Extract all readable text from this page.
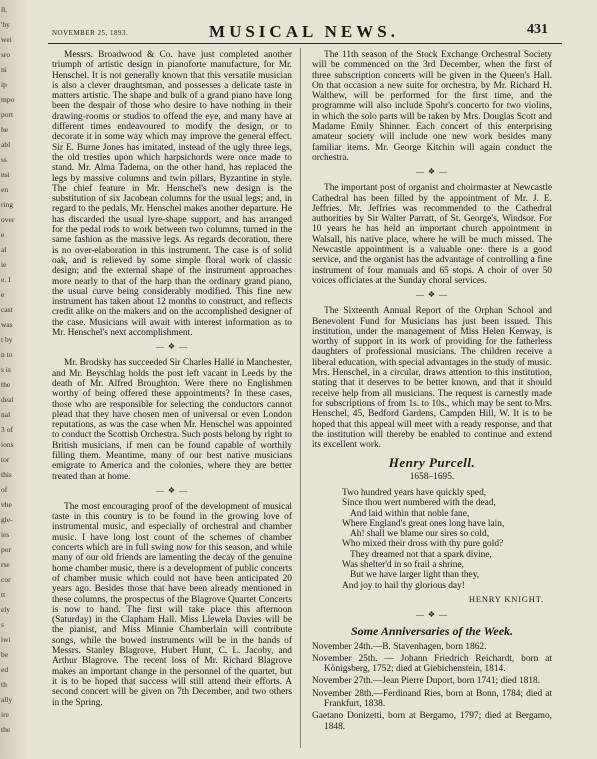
ll,
'hy
wei
sro
ni
ip
mpo
port
he
abl
ss
nsi
en
ring
over
e
al
ie
e. I
e
cast
was
t by
n to
s is
the
deal
nal
3 of
ions
tor
this
of
vhe
gle-
ies
por
rse
cor
tt
ely
s
iwi
be
ed
th
ally
ire
the
NOVEMBER 25, 1893.	MUSICAL NEWS.	431

Messrs. Broadwood & Co. have just completed another triumph of artistic design in pianoforte manufacture, for Mr. Henschel. It is not generally known that this versatile musician is also a clever draughtsman, and possesses a delicate taste in matters artistic. The shape and bulk of a grand piano have long been the despair of those who desire to have nothing in their drawing-rooms or studios to offend the eye, and many have at different times endeavoured to modify the design, or to decorate it in some way which may improve the general effect. Sir E. Burne Jones has imitated, instead of the ugly three legs, the old trestles upon which harpsichords were once made to stand. Mr. Alma Tadema, on the other hand, has replaced the legs by massive columns and twin pillars, Byzantine in style. The chief feature in Mr. Henschel's new design is the substitution of six Jacobean columns for the usual legs; and, in regard to the pedals, Mr. Henschel makes another departure. He has discarded the usual lyre-shape support, and has arranged for the pedal rods to work between two columns, turned in the same fashion as the massive legs. As regards decoration, there is no over-elaboration in this instrument. The case is of solid oak, and is relieved by some simple floral work of classic design; and the external shape of the instrument approaches more nearly to that of the harp than the ordinary grand piano, the usual curve being considerably modified. This fine new instrument has taken about 12 months to construct, and reflects credit alike on the makers and on the accomplished designer of the case. Musicians will await with interest information as to Mr. Henschel's next accomplishment.

— ❖ —

Mr. Brodsky has succeeded Sir Charles Hallé in Manchester, and Mr. Beyschlag holds the post left vacant in Leeds by the death of Mr. Alfred Broughton. Were there no Englishmen worthy of being offered these appointments? In these cases, those who are responsible for selecting the conductors cannot plead that they have chosen men of universal or even London reputations, as was the case when Mr. Henschel was appointed to conduct the Scottish Orchestra. Such posts belong by right to British musicians, if men can be found capable of worthily filling them. Meantime, many of our best native musicians emigrate to America and the colonies, where they are better treated than at home.

— ❖ —

The most encouraging proof of the development of musical taste in this country is to be found in the growing love of instrumental music, and especially of orchestral and chamber music. I have long lost count of the schemes of chamber concerts which are in full swing now for this season, and while many of our old friends are lamenting the decay of the genuine home chamber music, there is a development of public concerts of chamber music which could not have been anticipated 20 years ago. Besides those that have been already mentioned in these columns, the prospectus of the Blagrove Quartet Concerts is now to hand. The first will take place this afternoon (Saturday) in the Clapham Hall. Miss Llewela Davies will be the pianist, and Miss Minnie Chamberlain will contribute songs, while the bowed instruments will be in the hands of Messrs. Stanley Blagrove, Hubert Hunt, C. L. Jacoby, and Arthur Blagrove. The recent loss of Mr. Richard Blagrove makes an important change in the personnel of the quartet, but it is to be hoped that success will still attend their efforts. A second concert will be given on 7th December, and two others in the Spring.

The 11th season of the Stock Exchange Orchestral Society will be commenced on the 3rd December, when the first of three subscription concerts will be given in the Queen's Hall. On that occasion a new suite for orchestra, by Mr. Richard H. Walthew, will be performed for the first time, and the programme will also include Spohr's concerto for two violins, in which the solo parts will be taken by Mrs. Douglas Scott and Madame Emily Shinner. Each concert of this enterprising amateur society will include one new work besides many familiar items. Mr. George Kitchin will again conduct the orchestra.

— ❖ —

The important post of organist and choirmaster at Newcastle Cathedral has been filled by the appointment of Mr. J. E. Jeffries. Mr. Jeffries was recommended to the Cathedral authorities by Sir Walter Parratt, of St. George's, Windsor. For 10 years he has held an important church appointment in Walsall, his native place, where he will be much missed. The Newcastle appointment is a valuable one: there is a good service, and the organist has the advantage of controlling a fine instrument of four manuals and 65 stops. A choir of over 50 voices officiates at the Sunday choral services.

— ❖ —

The Sixteenth Annual Report of the Orphan School and Benevolent Fund for Musicians has just been issued. This institution, under the management of Miss Helen Kenway, is worthy of support in its work of providing for the fatherless daughters of professional musicians. The children receive a liberal education, with special advantages in the study of music. Mrs. Henschel, in a circular, draws attention to this institution, stating that it deserves to be better known, and that it should receive help from all musicians. The request is carnestly made for subscriptions of from 1s. to 10s., which may be sent to Mrs. Henschel, 45, Bedford Gardens, Campden Hill, W. It is to be hoped that this appeal will meet with a ready response, and that the institution will thereby be enabled to continue and extend its excellent work.

Henry Purcell.
1658–1695.
Two hundred years have quickly sped,
Since thou wert numbered with the dead,
And laid within that noble fane,
Where England's great ones long have lain,
Ah! shall we blame our sires so cold,
Who mixed their dross with thy pure gold?
They dreamed not that a spark divine,
Was shelter'd in so frail a shrine,
But we have larger light than they,
And joy to hail thy glorious day!
HENRY KNIGHT.
— ❖ —
Some Anniversaries of the Week.

November 24th.—B. Stavenhagen, born 1862.

November 25th. — Johann Friedrich Reichardt, born at Königsberg, 1752; died at Giebichenstein, 1814.

November 27th.—Jean Pierre Duport, born 1741; died 1818.

November 28th.—Ferdinand Ries, born at Bonn, 1784; died at Frankfurt, 1838.

Gaetano Donizetti, born at Bergamo, 1797; died at Bergamo, 1848.
